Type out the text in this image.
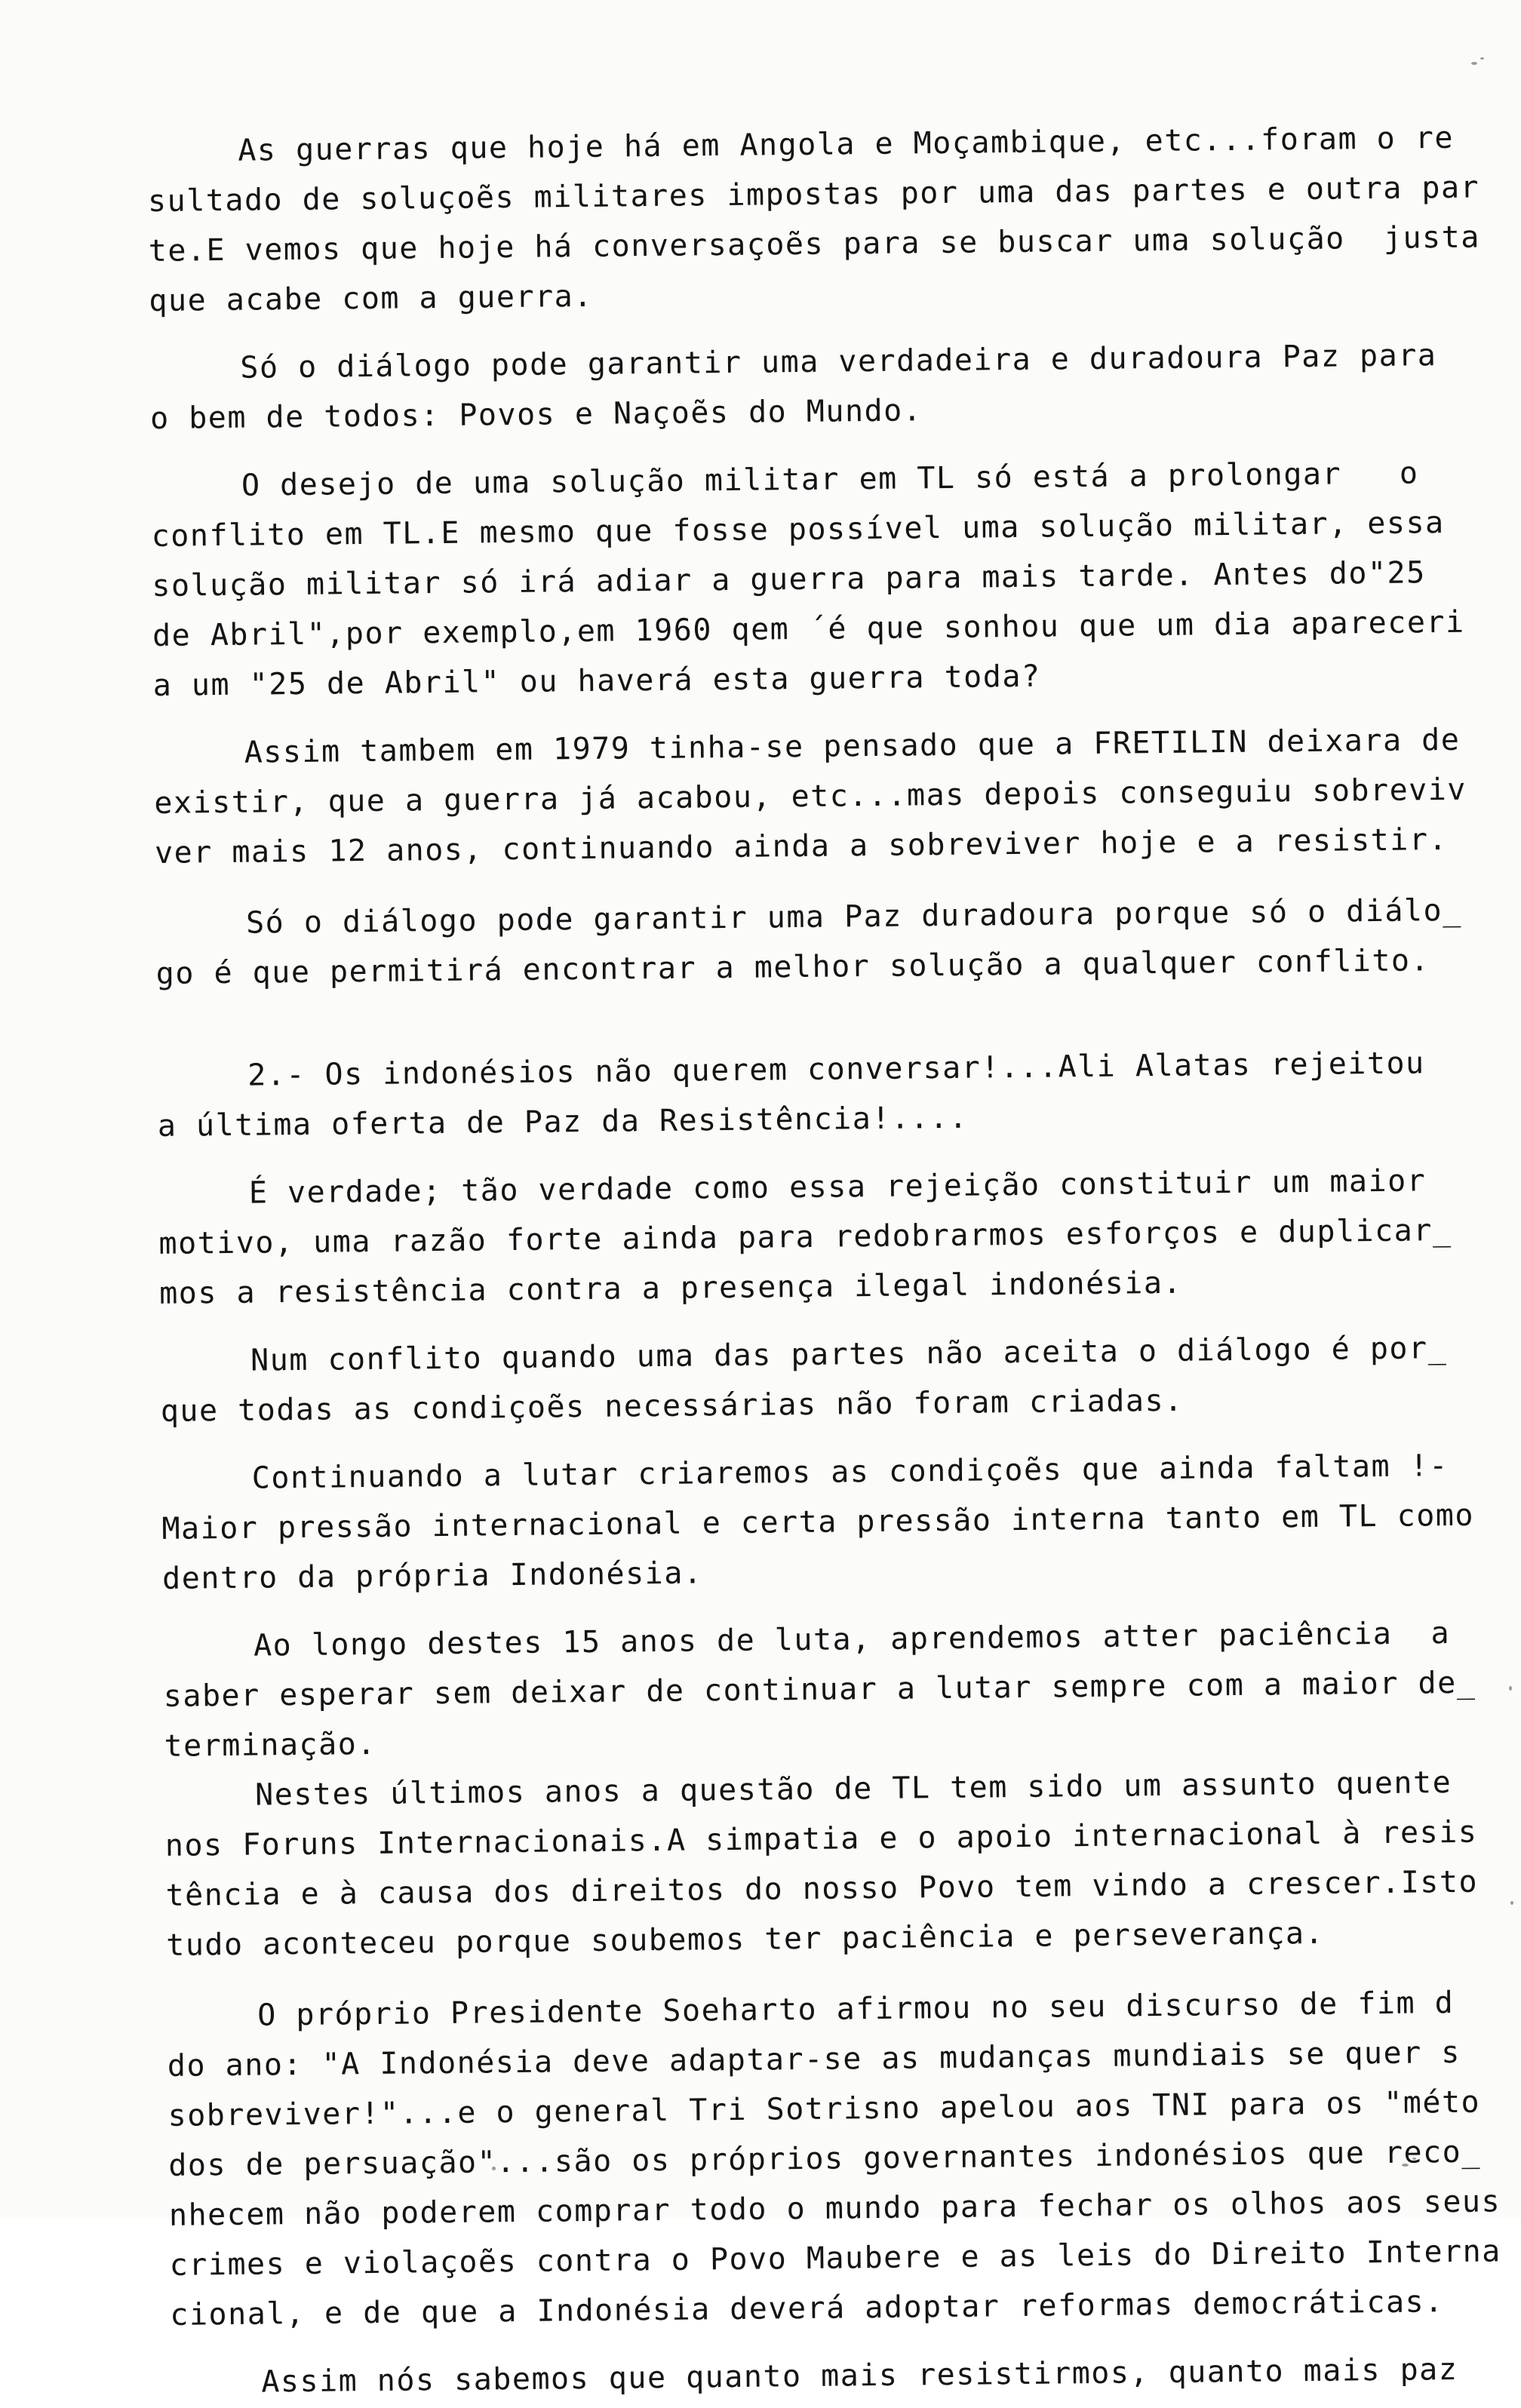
As guerras que hoje há em Angola e Moçambique, etc...foram o re
sultado de soluçoẽs militares impostas por uma das partes e outra par
te.E vemos que hoje há conversaçoẽs para se buscar uma solução  justa
que acabe com a guerra.
Só o diálogo pode garantir uma verdadeira e duradoura Paz para
o bem de todos: Povos e Naçoẽs do Mundo.
O desejo de uma solução militar em TL só está a prolongar   o
conflito em TL.E mesmo que fosse possível uma solução militar, essa
solução militar só irá adiar a guerra para mais tarde. Antes do"25
de Abril",por exemplo,em 1960 qem ´é que sonhou que um dia apareceri
a um "25 de Abril" ou haverá esta guerra toda?
Assim tambem em 1979 tinha-se pensado que a FRETILIN deixara de
existir, que a guerra já acabou, etc...mas depois conseguiu sobreviv
ver mais 12 anos, continuando ainda a sobreviver hoje e a resistir.
Só o diálogo pode garantir uma Paz duradoura porque só o diálo_
go é que permitirá encontrar a melhor solução a qualquer conflito.
2.- Os indonésios não querem conversar!...Ali Alatas rejeitou
a última oferta de Paz da Resistência!....
É verdade; tão verdade como essa rejeição constituir um maior
motivo, uma razão forte ainda para redobrarmos esforços e duplicar_
mos a resistência contra a presença ilegal indonésia.
Num conflito quando uma das partes não aceita o diálogo é por_
que todas as condiçoẽs necessárias não foram criadas.
Continuando a lutar criaremos as condiçoẽs que ainda faltam !-
Maior pressão internacional e certa pressão interna tanto em TL como
dentro da própria Indonésia.
Ao longo destes 15 anos de luta, aprendemos atter paciência  a
saber esperar sem deixar de continuar a lutar sempre com a maior de_
terminação.
Nestes últimos anos a questão de TL tem sido um assunto quente
nos Foruns Internacionais.A simpatia e o apoio internacional à resis
tência e à causa dos direitos do nosso Povo tem vindo a crescer.Isto
tudo aconteceu porque soubemos ter paciência e perseverança.
O próprio Presidente Soeharto afirmou no seu discurso de fim d
do ano: "A Indonésia deve adaptar-se as mudanças mundiais se quer s
sobreviver!"...e o general Tri Sotrisno apelou aos TNI para os "méto
dos de persuação"...são os próprios governantes indonésios que reco_
nhecem não poderem comprar todo o mundo para fechar os olhos aos seus
crimes e violaçoẽs contra o Povo Maubere e as leis do Direito Interna
cional, e de que a Indonésia deverá adoptar reformas democráticas.
Assim nós sabemos que quanto mais resistirmos, quanto mais paz
